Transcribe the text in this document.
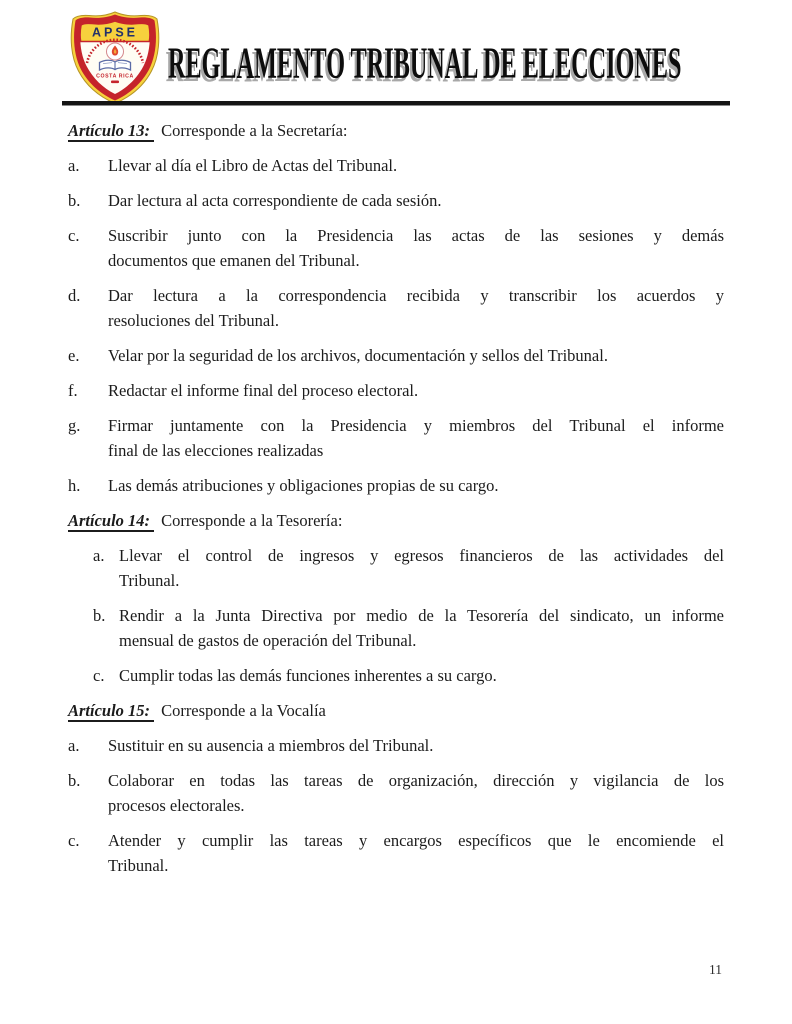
APSE
COSTA RICA REGLAMENTO TRIBUNAL DE ELECCIONES

Artículo 13: Corresponde a la Secretaría:

a. Llevar al día el Libro de Actas del Tribunal.
b. Dar lectura al acta correspondiente de cada sesión.
c. Suscribir junto con la Presidencia las actas de las sesiones y demás
documentos que emanen del Tribunal.
d. Dar lectura a la correspondencia recibida y transcribir los acuerdos y
resoluciones del Tribunal.
e. Velar por la seguridad de los archivos, documentación y sellos del Tribunal.
f. Redactar el informe final del proceso electoral.
g. Firmar juntamente con la Presidencia y miembros del Tribunal el informe
final de las elecciones realizadas
h. Las demás atribuciones y obligaciones propias de su cargo.

Artículo 14: Corresponde a la Tesorería:

a. Llevar el control de ingresos y egresos financieros de las actividades del
Tribunal.
b. Rendir a la Junta Directiva por medio de la Tesorería del sindicato, un informe
mensual de gastos de operación del Tribunal.
c. Cumplir todas las demás funciones inherentes a su cargo.

Artículo 15: Corresponde a la Vocalía

a. Sustituir en su ausencia a miembros del Tribunal.
b. Colaborar en todas las tareas de organización, dirección y vigilancia de los
procesos electorales.
c. Atender y cumplir las tareas y encargos específicos que le encomiende el
Tribunal.
11
